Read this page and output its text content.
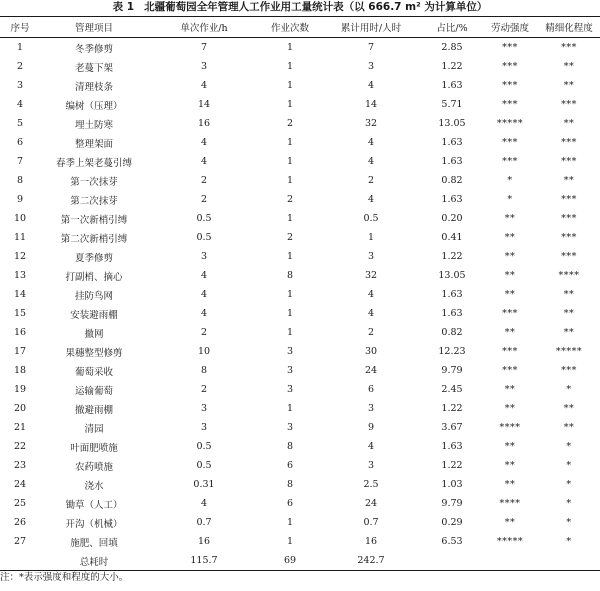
表 1 北疆葡萄园全年管理人工作业用工量统计表（以 666.7 m² 为计算单位）
序号	管理项目	单次作业/h	作业次数	累计用时/人时	占比/%	劳动强度	精细化程度
1	冬季修剪	7	1	7	2.85	***	***
2	老蔓下架	3	1	3	1.22	***	**
3	清理枝条	4	1	4	1.63	***	**
4	编树（压理）	14	1	14	5.71	***	***
5	埋土防寒	16	2	32	13.05	*****	**
6	整理架面	4	1	4	1.63	***	***
7	春季上架老蔓引缚	4	1	4	1.63	***	***
8	第一次抹芽	2	1	2	0.82	*	**
9	第二次抹芽	2	2	4	1.63	*	***
10	第一次新梢引缚	0.5	1	0.5	0.20	**	***
11	第二次新梢引缚	0.5	2	1	0.41	**	***
12	夏季修剪	3	1	3	1.22	**	***
13	打副梢、摘心	4	8	32	13.05	**	****
14	挂防鸟网	4	1	4	1.63	**	**
15	安装避雨棚	4	1	4	1.63	***	**
16	撤网	2	1	2	0.82	**	**
17	果穗整型修剪	10	3	30	12.23	***	*****
18	葡萄采收	8	3	24	9.79	***	***
19	运输葡萄	2	3	6	2.45	**	*
20	撤避雨棚	3	1	3	1.22	**	**
21	清园	3	3	9	3.67	****	**
22	叶面肥喷施	0.5	8	4	1.63	**	*
23	农药喷施	0.5	6	3	1.22	**	*
24	浇水	0.31	8	2.5	1.03	**	*
25	锄草（人工）	4	6	24	9.79	****	*
26	开沟（机械）	0.7	1	0.7	0.29	**	*
27	施肥、回填	16	1	16	6.53	*****	*
	总耗时	115.7	69	242.7			
注：*表示强度和程度的大小。
